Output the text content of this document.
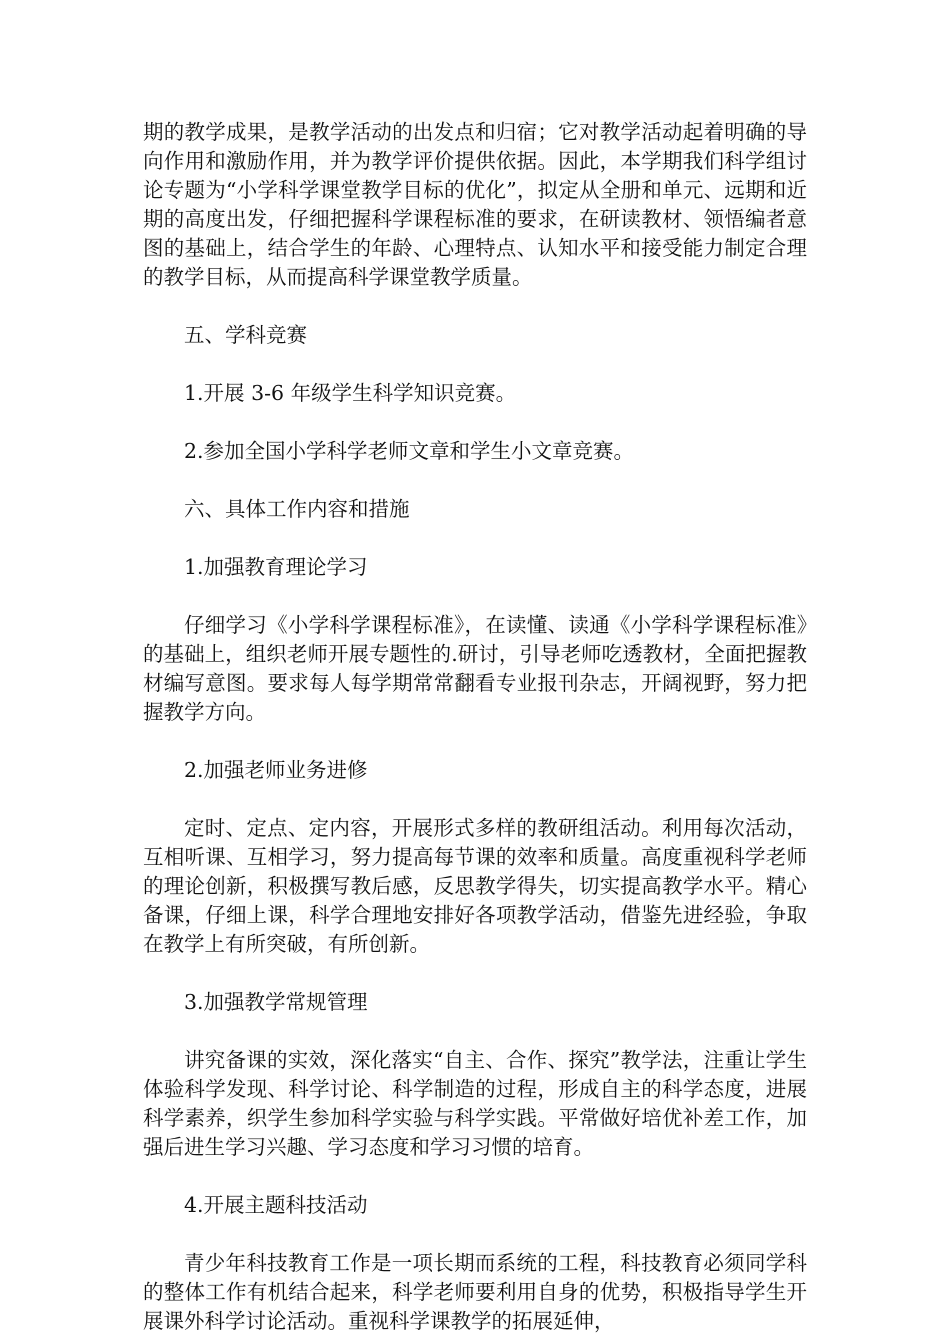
期的教学成果，是教学活动的出发点和归宿；它对教学活动起着明确的导向作用和激励作用，并为教学评价提供依据。因此，本学期我们科学组讨论专题为“小学科学课堂教学目标的优化”，拟定从全册和单元、远期和近期的高度出发，仔细把握科学课程标准的要求，在研读教材、领悟编者意图的基础上，结合学生的年龄、心理特点、认知水平和接受能力制定合理的教学目标，从而提高科学课堂教学质量。

五、学科竞赛

1.开展 3-6 年级学生科学知识竞赛。

2.参加全国小学科学老师文章和学生小文章竞赛。

六、具体工作内容和措施

1.加强教育理论学习

仔细学习《小学科学课程标准》，在读懂、读通《小学科学课程标准》的基础上，组织老师开展专题性的.研讨，引导老师吃透教材，全面把握教材编写意图。要求每人每学期常常翻看专业报刊杂志，开阔视野，努力把握教学方向。

2.加强老师业务进修

定时、定点、定内容，开展形式多样的教研组活动。利用每次活动，互相听课、互相学习，努力提高每节课的效率和质量。高度重视科学老师的理论创新，积极撰写教后感，反思教学得失，切实提高教学水平。精心备课，仔细上课，科学合理地安排好各项教学活动，借鉴先进经验，争取在教学上有所突破，有所创新。

3.加强教学常规管理

讲究备课的实效，深化落实“自主、合作、探究”教学法，注重让学生体验科学发现、科学讨论、科学制造的过程，形成自主的科学态度，进展科学素养，织学生参加科学实验与科学实践。平常做好培优补差工作，加强后进生学习兴趣、学习态度和学习习惯的培育。

4.开展主题科技活动

青少年科技教育工作是一项长期而系统的工程，科技教育必须同学科的整体工作有机结合起来，科学老师要利用自身的优势，积极指导学生开展课外科学讨论活动。重视科学课教学的拓展延伸，
